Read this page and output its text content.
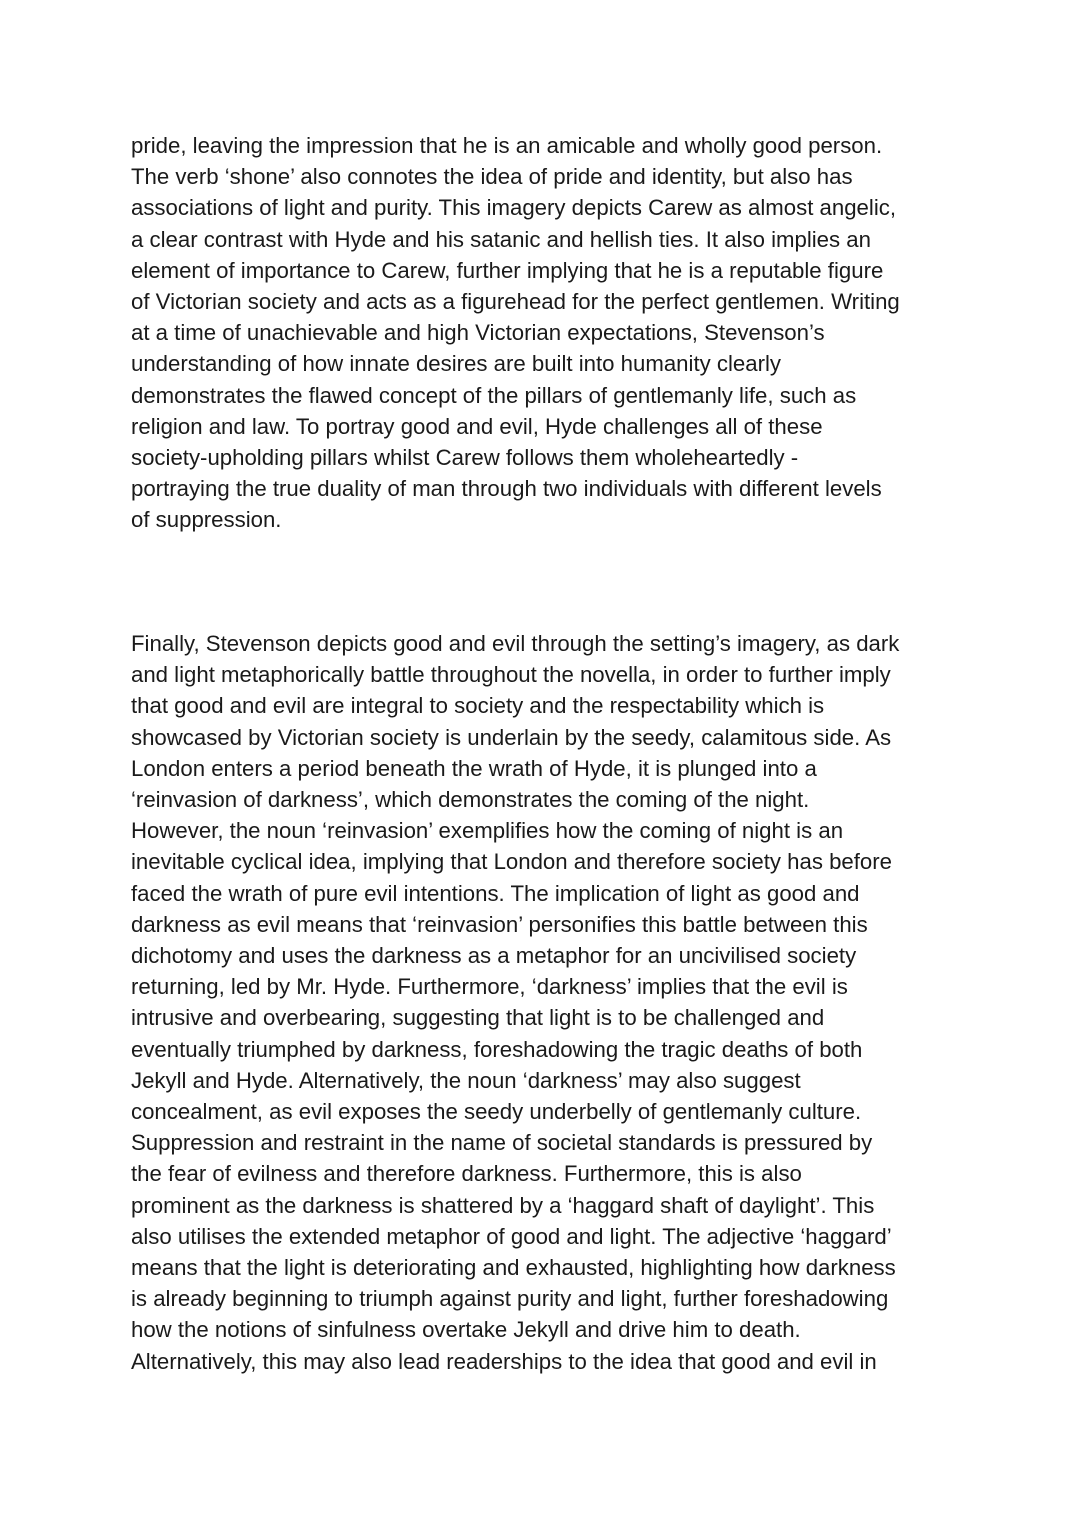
pride, leaving the impression that he is an amicable and wholly good person.
The verb ‘shone’ also connotes the idea of pride and identity, but also has
associations of light and purity. This imagery depicts Carew as almost angelic,
a clear contrast with Hyde and his satanic and hellish ties. It also implies an
element of importance to Carew, further implying that he is a reputable figure
of Victorian society and acts as a figurehead for the perfect gentlemen. Writing
at a time of unachievable and high Victorian expectations, Stevenson’s
understanding of how innate desires are built into humanity clearly
demonstrates the flawed concept of the pillars of gentlemanly life, such as
religion and law. To portray good and evil, Hyde challenges all of these
society-upholding pillars whilst Carew follows them wholeheartedly -
portraying the true duality of man through two individuals with different levels
of suppression.

Finally, Stevenson depicts good and evil through the setting’s imagery, as dark
and light metaphorically battle throughout the novella, in order to further imply
that good and evil are integral to society and the respectability which is
showcased by Victorian society is underlain by the seedy, calamitous side. As
London enters a period beneath the wrath of Hyde, it is plunged into a
‘reinvasion of darkness’, which demonstrates the coming of the night.
However, the noun ‘reinvasion’ exemplifies how the coming of night is an
inevitable cyclical idea, implying that London and therefore society has before
faced the wrath of pure evil intentions. The implication of light as good and
darkness as evil means that ‘reinvasion’ personifies this battle between this
dichotomy and uses the darkness as a metaphor for an uncivilised society
returning, led by Mr. Hyde. Furthermore, ‘darkness’ implies that the evil is
intrusive and overbearing, suggesting that light is to be challenged and
eventually triumphed by darkness, foreshadowing the tragic deaths of both
Jekyll and Hyde. Alternatively, the noun ‘darkness’ may also suggest
concealment, as evil exposes the seedy underbelly of gentlemanly culture.
Suppression and restraint in the name of societal standards is pressured by
the fear of evilness and therefore darkness. Furthermore, this is also
prominent as the darkness is shattered by a ‘haggard shaft of daylight’. This
also utilises the extended metaphor of good and light. The adjective ‘haggard’
means that the light is deteriorating and exhausted, highlighting how darkness
is already beginning to triumph against purity and light, further foreshadowing
how the notions of sinfulness overtake Jekyll and drive him to death.
Alternatively, this may also lead readerships to the idea that good and evil in
